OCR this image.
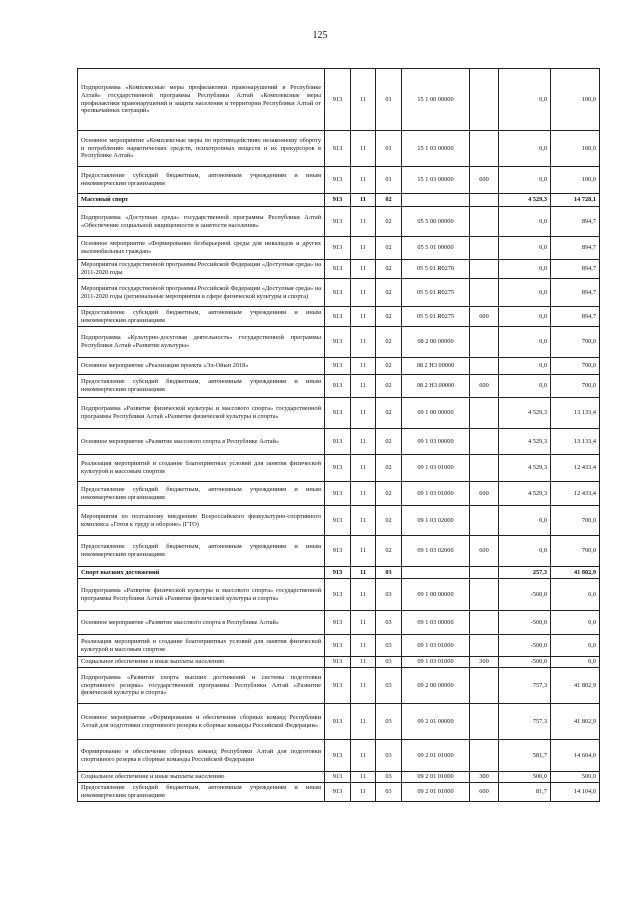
125
Подпрограмма «Комплексные меры профилактики правонарушений в Республике Алтай» государственной программы Республики Алтай «Комплексные меры профилактики правонарушений и защита населения и территории Республики Алтай от чрезвычайных ситуаций»	913	11	01	15 1 00 00000		0,0	100,0
Основное мероприятие «Комплексные меры по противодействию незаконному обороту и потреблению наркотических средств, психотропных веществ и их прекурсоров в Республике Алтай»	913	11	01	15 1 03 00000		0,0	100,0
Предоставление субсидий бюджетным, автономным учреждениям и иным некоммерческим организациям	913	11	01	15 1 03 00000	600	0,0	100,0
Массовый спорт	913	11	02			4 529,3	14 728,1
Подпрограмма «Доступная среда» государственной программы Республики Алтай «Обеспечение социальной защищенности и занятости населения»	913	11	02	05 5 00 00000		0,0	894,7
Основное мероприятие «Формирование безбарьерной среды для инвалидов и других маломобильных граждан»	913	11	02	05 5 01 00000		0,0	894,7
Мероприятия государственной программы Российской Федерации «Доступная среда» на 2011-2020 годы	913	11	02	05 5 01 R0270		0,0	894,7
Мероприятия государственной программы Российской Федерации «Доступная среда» на 2011-2020 годы (региональные мероприятия в сфере физической культуры и спорта)	913	11	02	05 5 01 R0275		0,0	894,7
Предоставление субсидий бюджетным, автономным учреждениям и иным некоммерческим организациям	913	11	02	05 5 01 R0275	600	0,0	894,7
Подпрограмма «Культурно-досуговая деятельность» государственной программы Республики Алтай «Развитие культуры»	913	11	02	08 2 00 00000		0,0	700,0
Основное мероприятие «Реализация проекта «Эл-Ойын 2018»	913	11	02	08 2 Н3 00000		0,0	700,0
Предоставление субсидий бюджетным, автономным учреждениям и иным некоммерческим организациям	913	11	02	08 2 Н3 00000	600	0,0	700,0
Подпрограмма «Развитие физической культуры и массового спорта» государственной программы Республики Алтай «Развитие физической культуры и спорта»	913	11	02	09 1 00 00000		4 529,3	13 133,4
Основное мероприятие «Развитие массового спорта в Республике Алтай»	913	11	02	09 1 03 00000		4 529,3	13 133,4
Реализация мероприятий и создание благоприятных условий для занятия физической культурой и массовым спортом	913	11	02	09 1 03 01000		4 529,3	12 433,4
Предоставление субсидий бюджетным, автономным учреждениям и иным некоммерческим организациям	913	11	02	09 1 03 01000	600	4 529,3	12 433,4
Мероприятия по поэтапному внедрению Всероссийского физкультурно-спортивного комплекса «Готов к труду и обороне» (ГТО)	913	11	02	09 1 03 02000		0,0	700,0
Предоставление субсидий бюджетным, автономным учреждениям и иным некоммерческим организациям	913	11	02	09 1 03 02000	600	0,0	700,0
Спорт высших достижений	913	11	03			257,3	41 802,9
Подпрограмма «Развитие физической культуры и массового спорта» государственной программы Республики Алтай «Развитие физической культуры и спорта»	913	11	03	09 1 00 00000		-500,0	0,0
Основное мероприятие «Развитие массового спорта в Республике Алтай»	913	11	03	09 1 03 00000		-500,0	0,0
Реализация мероприятий и создание благоприятных условий для занятия физической культурой и массовым спортом	913	11	03	09 1 03 01000		-500,0	0,0
Социальное обеспечение и иные выплаты населению	913	11	03	09 1 03 01000	300	-500,0	0,0
Подпрограмма «Развитие спорта высших достижений и системы подготовки спортивного резерва» государственной программы Республики Алтай «Развитие физической культуры и спорта»	913	11	03	09 2 00 00000		757,3	41 802,9
Основное мероприятие «Формирование и обеспечение сборных команд Республики Алтай для подготовки спортивного резерва в сборные команды Российской Федерации»	913	11	03	09 2 01 00000		757,3	41 802,9
Формирование и обеспечение сборных команд Республики Алтай для подготовки спортивного резерва в сборные команды Российской Федерации	913	11	03	09 2 01 01000		581,7	14 604,0
Социальное обеспечение и иные выплаты населению	913	11	03	09 2 01 01000	300	500,0	500,0
Предоставление субсидий бюджетным, автономным учреждениям и иным некоммерческим организациям	913	11	03	09 2 01 01000	600	81,7	14 104,0
